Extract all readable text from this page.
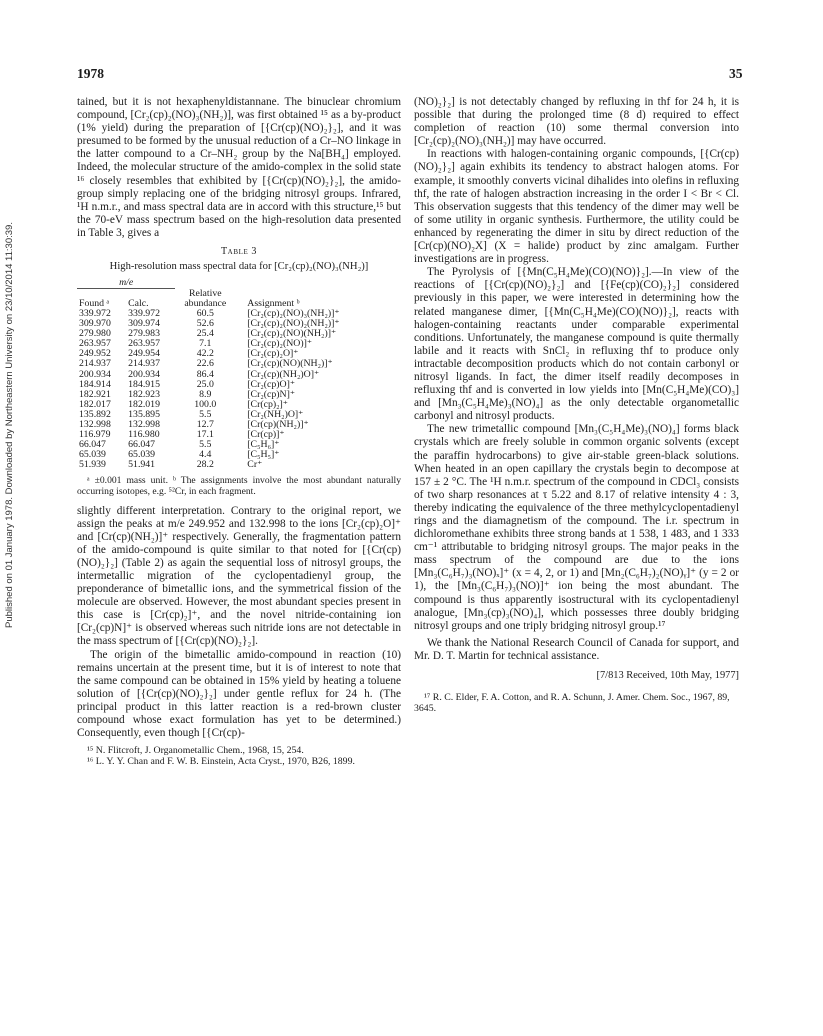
1978	35
Published on 01 January 1978. Downloaded by Northeastern University on 23/10/2014 11:30:39.

tained, but it is not hexaphenyldistannane. The binuclear chromium compound, [Cr₂(cp)₂(NO)₃(NH₂)], was first obtained ¹⁵ as a by-product (1% yield) during the preparation of [{Cr(cp)(NO)₂}₂], and it was presumed to be formed by the unusual reduction of a Cr–NO linkage in the latter compound to a Cr–NH₂ group by the Na[BH₄] employed. Indeed, the molecular structure of the amido-complex in the solid state ¹⁶ closely resembles that exhibited by [{Cr(cp)(NO)₂}₂], the amido-group simply replacing one of the bridging nitrosyl groups. Infrared, ¹H n.m.r., and mass spectral data are in accord with this structure,¹⁵ but the 70-eV mass spectrum based on the high-resolution data presented in Table 3, gives a

Table 3
High-resolution mass spectral data for [Cr₂(cp)₂(NO)₃(NH₂)]
m/e			
Found ᵃ	Calc.	Relative abundance	Assignment ᵇ
339.972	339.972	60.5	[Cr₂(cp)₂(NO)₃(NH₂)]⁺
309.970	309.974	52.6	[Cr₂(cp)₂(NO)₂(NH₂)]⁺
279.980	279.983	25.4	[Cr₂(cp)₂(NO)(NH₂)]⁺
263.957	263.957	7.1	[Cr₂(cp)₂(NO)]⁺
249.952	249.954	42.2	[Cr₂(cp)₂O]⁺
214.937	214.937	22.6	[Cr₂(cp)(NO)(NH₂)]⁺
200.934	200.934	86.4	[Cr₂(cp)(NH₂)O]⁺
184.914	184.915	25.0	[Cr₂(cp)O]⁺
182.921	182.923	8.9	[Cr₂(cp)N]⁺
182.017	182.019	100.0	[Cr(cp)₂]⁺
135.892	135.895	5.5	[Cr₂(NH₂)O]⁺
132.998	132.998	12.7	[Cr(cp)(NH₂)]⁺
116.979	116.980	17.1	[Cr(cp)]⁺
66.047	66.047	5.5	[C₅H₆]⁺
65.039	65.039	4.4	[C₅H₅]⁺
51.939	51.941	28.2	Cr⁺
ᵃ ±0.001 mass unit. ᵇ The assignments involve the most abundant naturally occurring isotopes, e.g. ⁵²Cr, in each fragment.

slightly different interpretation. Contrary to the original report, we assign the peaks at m/e 249.952 and 132.998 to the ions [Cr₂(cp)₂O]⁺ and [Cr(cp)(NH₂)]⁺ respectively. Generally, the fragmentation pattern of the amido-compound is quite similar to that noted for [{Cr(cp)(NO)₂}₂] (Table 2) as again the sequential loss of nitrosyl groups, the intermetallic migration of the cyclopentadienyl group, the preponderance of bimetallic ions, and the symmetrical fission of the molecule are observed. However, the most abundant species present in this case is [Cr(cp)₂]⁺, and the novel nitride-containing ion [Cr₂(cp)N]⁺ is observed whereas such nitride ions are not detectable in the mass spectrum of [{Cr(cp)(NO)₂}₂].

The origin of the bimetallic amido-compound in reaction (10) remains uncertain at the present time, but it is of interest to note that the same compound can be obtained in 15% yield by heating a toluene solution of [{Cr(cp)(NO)₂}₂] under gentle reflux for 24 h. (The principal product in this latter reaction is a red-brown cluster compound whose exact formulation has yet to be determined.) Consequently, even though [{Cr(cp)-

¹⁵ N. Flitcroft, J. Organometallic Chem., 1968, 15, 254.

¹⁶ L. Y. Y. Chan and F. W. B. Einstein, Acta Cryst., 1970, B26, 1899.

(NO)₂}₂] is not detectably changed by refluxing in thf for 24 h, it is possible that during the prolonged time (8 d) required to effect completion of reaction (10) some thermal conversion into [Cr₂(cp)₂(NO)₃(NH₂)] may have occurred.

In reactions with halogen-containing organic compounds, [{Cr(cp)(NO)₂}₂] again exhibits its tendency to abstract halogen atoms. For example, it smoothly converts vicinal dihalides into olefins in refluxing thf, the rate of halogen abstraction increasing in the order I < Br < Cl. This observation suggests that this tendency of the dimer may well be of some utility in organic synthesis. Furthermore, the utility could be enhanced by regenerating the dimer in situ by direct reduction of the [Cr(cp)(NO)₂X] (X = halide) product by zinc amalgam. Further investigations are in progress.

The Pyrolysis of [{Mn(C₅H₄Me)(CO)(NO)}₂].—In view of the reactions of [{Cr(cp)(NO)₂}₂] and [{Fe(cp)(CO)₂}₂] considered previously in this paper, we were interested in determining how the related manganese dimer, [{Mn(C₅H₄Me)(CO)(NO)}₂], reacts with halogen-containing reactants under comparable experimental conditions. Unfortunately, the manganese compound is quite thermally labile and it reacts with SnCl₂ in refluxing thf to produce only intractable decomposition products which do not contain carbonyl or nitrosyl ligands. In fact, the dimer itself readily decomposes in refluxing thf and is converted in low yields into [Mn(C₅H₄Me)(CO)₃] and [Mn₃(C₅H₄Me)₃(NO)₄] as the only detectable organometallic carbonyl and nitrosyl products.

The new trimetallic compound [Mn₃(C₅H₄Me)₃(NO)₄] forms black crystals which are freely soluble in common organic solvents (except the paraffin hydrocarbons) to give air-stable green-black solutions. When heated in an open capillary the crystals begin to decompose at 157 ± 2 °C. The ¹H n.m.r. spectrum of the compound in CDCl₃ consists of two sharp resonances at τ 5.22 and 8.17 of relative intensity 4 : 3, thereby indicating the equivalence of the three methylcyclopentadienyl rings and the diamagnetism of the compound. The i.r. spectrum in dichloromethane exhibits three strong bands at 1 538, 1 483, and 1 333 cm⁻¹ attributable to bridging nitrosyl groups. The major peaks in the mass spectrum of the compound are due to the ions [Mn₃(C₆H₇)₃(NO)ₓ]⁺ (x = 4, 2, or 1) and [Mn₂(C₆H₇)₂(NO)ᵧ]⁺ (y = 2 or 1), the [Mn₃(C₆H₇)₃(NO)]⁺ ion being the most abundant. The compound is thus apparently isostructural with its cyclopentadienyl analogue, [Mn₃(cp)₃(NO)₄], which possesses three doubly bridging nitrosyl groups and one triply bridging nitrosyl group.¹⁷

We thank the National Research Council of Canada for support, and Mr. D. T. Martin for technical assistance.

[7/813 Received, 10th May, 1977]

¹⁷ R. C. Elder, F. A. Cotton, and R. A. Schunn, J. Amer. Chem. Soc., 1967, 89, 3645.
